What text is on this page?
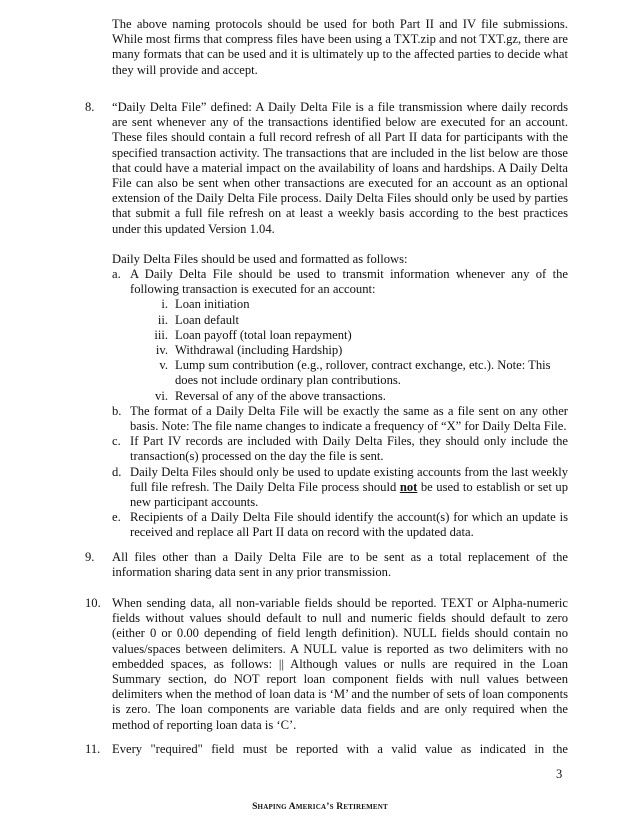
The above naming protocols should be used for both Part II and IV file submissions. While most firms that compress files have been using a TXT.zip and not TXT.gz, there are many formats that can be used and it is ultimately up to the affected parties to decide what they will provide and accept.

8. “Daily Delta File” defined: A Daily Delta File is a file transmission where daily records are sent whenever any of the transactions identified below are executed for an account. These files should contain a full record refresh of all Part II data for participants with the specified transaction activity. The transactions that are included in the list below are those that could have a material impact on the availability of loans and hardships. A Daily Delta File can also be sent when other transactions are executed for an account as an optional extension of the Daily Delta File process. Daily Delta Files should only be used by parties that submit a full file refresh on at least a weekly basis according to the best practices under this updated Version 1.04.

Daily Delta Files should be used and formatted as follows:

a. A Daily Delta File should be used to transmit information whenever any of the following transaction is executed for an account:
i. Loan initiation
ii. Loan default
iii. Loan payoff (total loan repayment)
iv. Withdrawal (including Hardship)
v. Lump sum contribution (e.g., rollover, contract exchange, etc.). Note: This does not include ordinary plan contributions.
vi. Reversal of any of the above transactions.
b. The format of a Daily Delta File will be exactly the same as a file sent on any other basis. Note: The file name changes to indicate a frequency of “X” for Daily Delta File.
c. If Part IV records are included with Daily Delta Files, they should only include the transaction(s) processed on the day the file is sent.
d. Daily Delta Files should only be used to update existing accounts from the last weekly full file refresh. The Daily Delta File process should not be used to establish or set up new participant accounts.
e. Recipients of a Daily Delta File should identify the account(s) for which an update is received and replace all Part II data on record with the updated data.
9. All files other than a Daily Delta File are to be sent as a total replacement of the information sharing data sent in any prior transmission.

10. When sending data, all non-variable fields should be reported. TEXT or Alpha-numeric fields without values should default to null and numeric fields should default to zero (either 0 or 0.00 depending of field length definition). NULL fields should contain no values/spaces between delimiters. A NULL value is reported as two delimiters with no embedded spaces, as follows: || Although values or nulls are required in the Loan Summary section, do NOT report loan component fields with null values between delimiters when the method of loan data is ‘M’ and the number of sets of loan components is zero. The loan components are variable data fields and are only required when the method of reporting loan data is ‘C’.

11. Every "required" field must be reported with a valid value as indicated in the

3
Shaping America’s Retirement
